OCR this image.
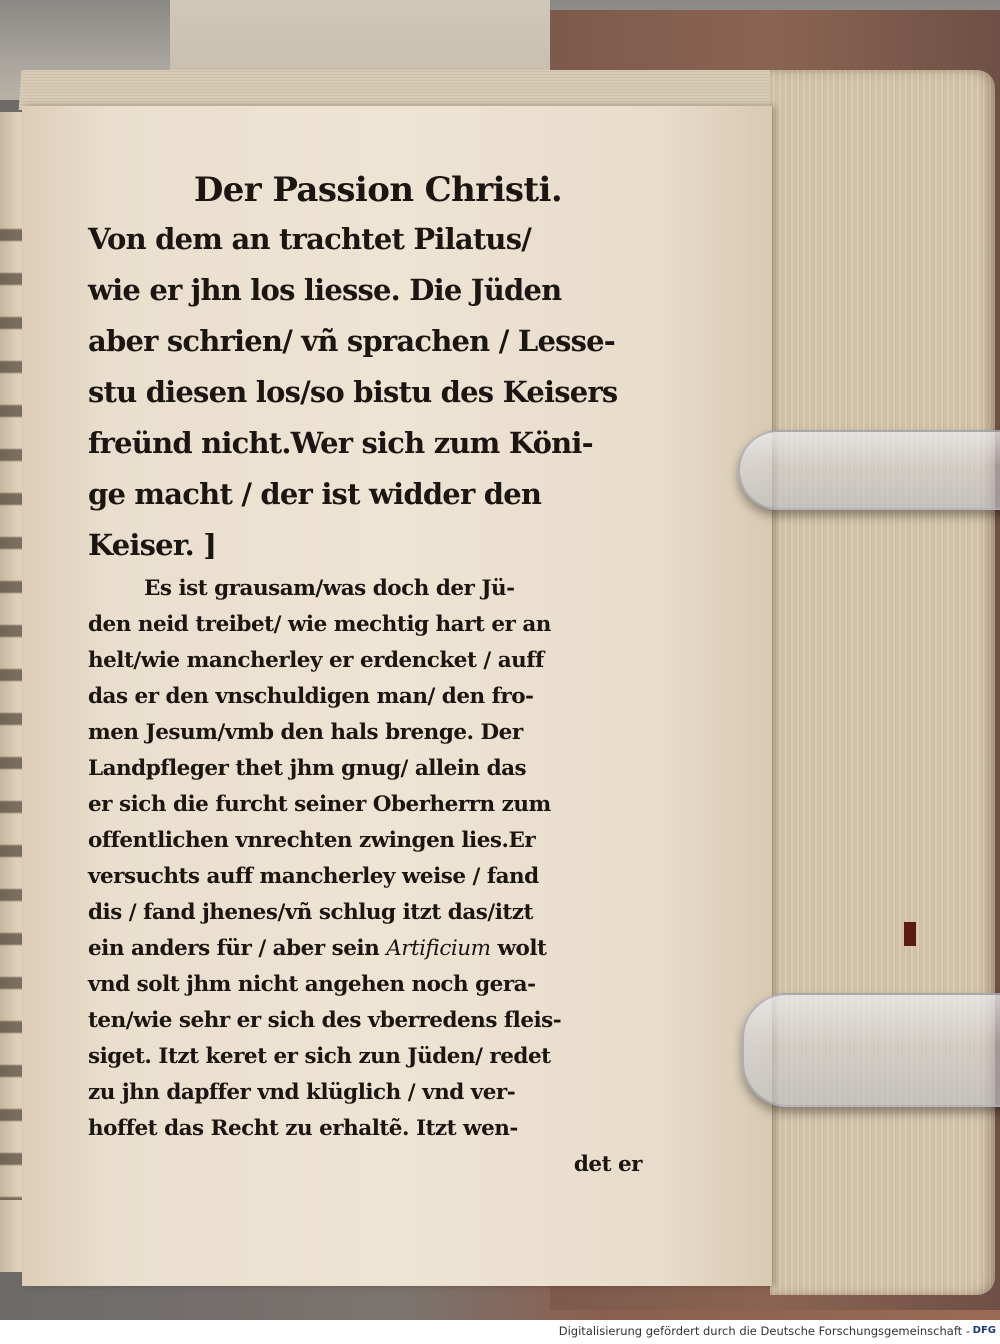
Der Passion Christi.
Von dem an trachtet Pilatus/
wie er jhn los liesse. Die Jüden
aber schrien/ vñ sprachen / Lesse-
stu diesen los/so bistu des Keisers
freünd nicht.Wer sich zum Köni-
ge macht / der ist widder den
Keiser. ]
Es ist grausam/was doch der Jü-
den neid treibet/ wie mechtig hart er an
helt/wie mancherley er erdencket / auff
das er den vnschuldigen man/ den fro-
men Jesum/vmb den hals brenge. Der
Landpfleger thet jhm gnug/ allein das
er sich die furcht seiner Oberherrn zum
offentlichen vnrechten zwingen lies.Er
versuchts auff mancherley weise / fand
dis / fand jhenes/vñ schlug itzt das/itzt
ein anders für / aber sein Artificium wolt
vnd solt jhm nicht angehen noch gera-
ten/wie sehr er sich des vberredens fleis-
siget. Itzt keret er sich zun Jüden/ redet
zu jhn dapffer vnd klüglich / vnd ver-
hoffet das Recht zu erhaltẽ. Itzt wen-
det er
Digitalisierung gefördert durch die Deutsche Forschungsgemeinschaft - DFG
